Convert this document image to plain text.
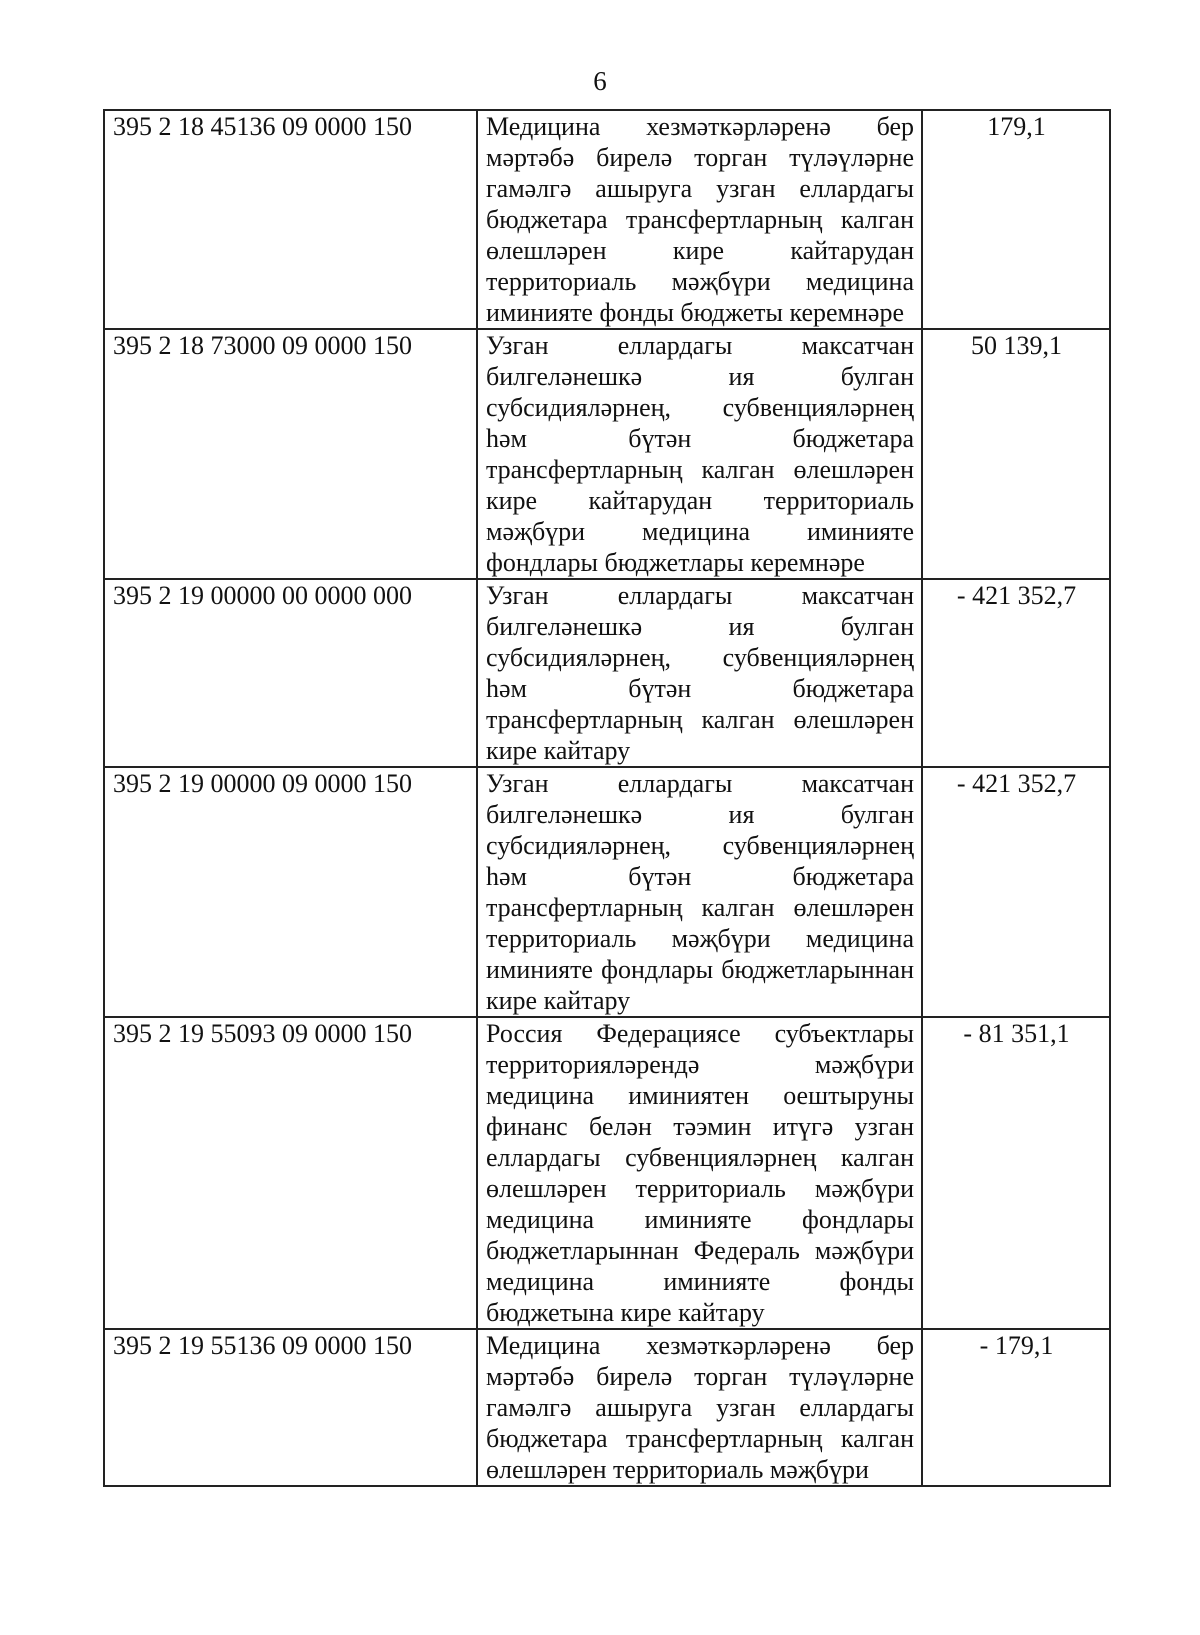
6
395 2 18 45136 09 0000 150	Медицина хезмәткәрләренә бер мәртәбә бирелә торган түләүләрне гамәлгә ашыруга узган еллардагы бюджетара трансфертларның калган өлешләрен кире кайтарудан территориаль мәҗбүри медицина иминияте фонды бюджеты керемнәре	179,1
395 2 18 73000 09 0000 150	Узган еллардагы максатчан билгеләнешкә ия булган субсидияләрнең, субвенцияләрнең һәм бүтән бюджетара трансфертларның калган өлешләрен кире кайтарудан территориаль мәҗбүри медицина иминияте фондлары бюджетлары керемнәре	50 139,1
395 2 19 00000 00 0000 000	Узган еллардагы максатчан билгеләнешкә ия булган субсидияләрнең, субвенцияләрнең һәм бүтән бюджетара трансфертларның калган өлешләрен кире кайтару	- 421 352,7
395 2 19 00000 09 0000 150	Узган еллардагы максатчан билгеләнешкә ия булган субсидияләрнең, субвенцияләрнең һәм бүтән бюджетара трансфертларның калган өлешләрен территориаль мәҗбүри медицина иминияте фондлары бюджетларыннан кире кайтару	- 421 352,7
395 2 19 55093 09 0000 150	Россия Федерациясе субъектлары территорияләрендә мәҗбүри медицина иминиятен оештыруны финанс белән тәэмин итүгә узган еллардагы субвенцияләрнең калган өлешләрен территориаль мәҗбүри медицина иминияте фондлары бюджетларыннан Федераль мәҗбүри медицина иминияте фонды бюджетына кире кайтару	- 81 351,1
395 2 19 55136 09 0000 150	Медицина хезмәткәрләренә бер мәртәбә бирелә торган түләүләрне гамәлгә ашыруга узган еллардагы бюджетара трансфертларның калган өлешләрен территориаль мәҗбүри	- 179,1
